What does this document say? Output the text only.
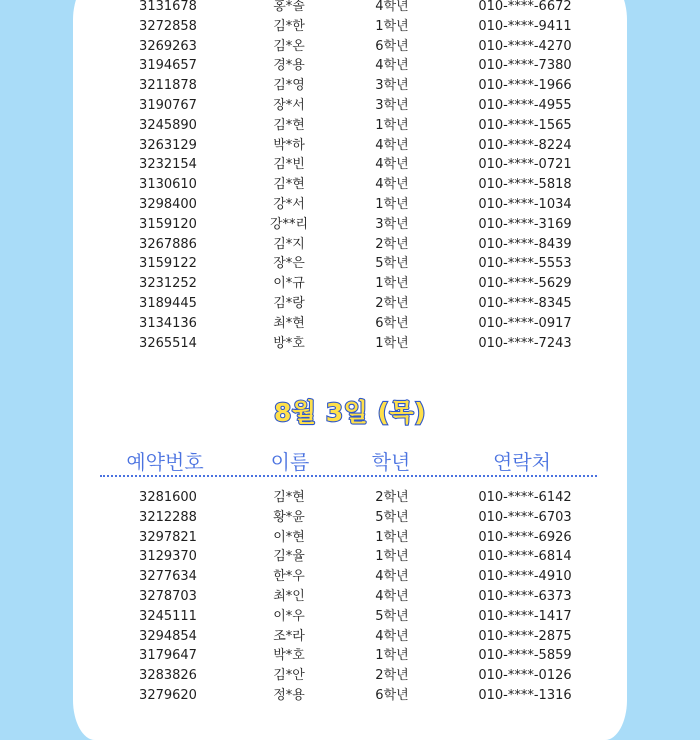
3131678	홍*솔	4학년	010-****-6672
3272858	김*한	1학년	010-****-9411
3269263	김*온	6학년	010-****-4270
3194657	경*용	4학년	010-****-7380
3211878	김*영	3학년	010-****-1966
3190767	장*서	3학년	010-****-4955
3245890	김*현	1학년	010-****-1565
3263129	박*하	4학년	010-****-8224
3232154	김*빈	4학년	010-****-0721
3130610	김*현	4학년	010-****-5818
3298400	강*서	1학년	010-****-1034
3159120	강**리	3학년	010-****-3169
3267886	김*지	2학년	010-****-8439
3159122	장*은	5학년	010-****-5553
3231252	이*규	1학년	010-****-5629
3189445	김*랑	2학년	010-****-8345
3134136	최*현	6학년	010-****-0917
3265514	방*호	1학년	010-****-7243
8월 3일 (목)
예약번호	이름	학년	연락처
3281600	김*현	2학년	010-****-6142
3212288	황*윤	5학년	010-****-6703
3297821	이*현	1학년	010-****-6926
3129370	김*율	1학년	010-****-6814
3277634	한*우	4학년	010-****-4910
3278703	최*인	4학년	010-****-6373
3245111	이*우	5학년	010-****-1417
3294854	조*라	4학년	010-****-2875
3179647	박*호	1학년	010-****-5859
3283826	김*안	2학년	010-****-0126
3279620	정*용	6학년	010-****-1316
